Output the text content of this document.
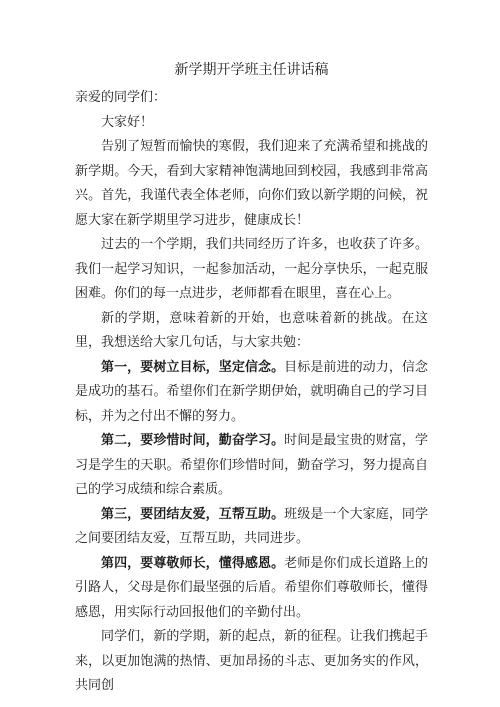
新学期开学班主任讲话稿

亲爱的同学们：

大家好！

告别了短暂而愉快的寒假，我们迎来了充满希望和挑战的新学期。今天，看到大家精神饱满地回到校园，我感到非常高兴。首先，我谨代表全体老师，向你们致以新学期的问候，祝愿大家在新学期里学习进步，健康成长！

过去的一个学期，我们共同经历了许多，也收获了许多。我们一起学习知识，一起参加活动，一起分享快乐，一起克服困难。你们的每一点进步，老师都看在眼里，喜在心上。

新的学期，意味着新的开始，也意味着新的挑战。在这里，我想送给大家几句话，与大家共勉：

第一，要树立目标，坚定信念。目标是前进的动力，信念是成功的基石。希望你们在新学期伊始，就明确自己的学习目标，并为之付出不懈的努力。

第二，要珍惜时间，勤奋学习。时间是最宝贵的财富，学习是学生的天职。希望你们珍惜时间，勤奋学习，努力提高自己的学习成绩和综合素质。

第三，要团结友爱，互帮互助。班级是一个大家庭，同学之间要团结友爱，互帮互助，共同进步。

第四，要尊敬师长，懂得感恩。老师是你们成长道路上的引路人，父母是你们最坚强的后盾。希望你们尊敬师长，懂得感恩，用实际行动回报他们的辛勤付出。

同学们，新的学期，新的起点，新的征程。让我们携起手来，以更加饱满的热情、更加昂扬的斗志、更加务实的作风，共同创
